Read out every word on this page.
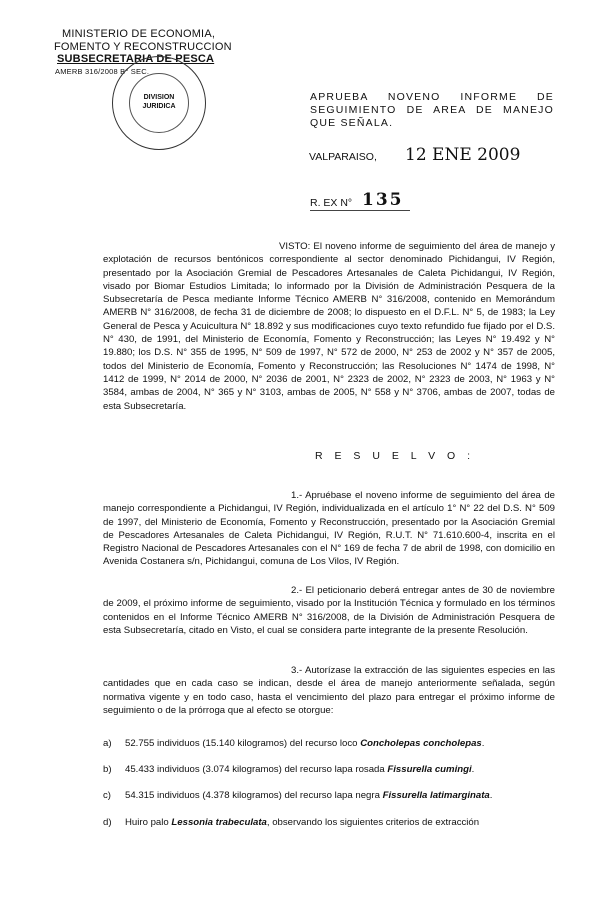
MINISTERIO DE ECONOMIA,
FOMENTO Y RECONSTRUCCION
SUBSECRETARIA DE PESCA
AMERB 316/2008 B° SEC.
DIVISION JURIDICA
APRUEBA NOVENO INFORME DE SEGUIMIENTO DE AREA DE MANEJO QUE SEÑALA.
VALPARAISO, 12 ENE 2009
R. EX N° 135
VISTO: El noveno informe de seguimiento del área de manejo y explotación de recursos bentónicos correspondiente al sector denominado Pichidangui, IV Región, presentado por la Asociación Gremial de Pescadores Artesanales de Caleta Pichidangui, IV Región, visado por Biomar Estudios Limitada; lo informado por la División de Administración Pesquera de la Subsecretaría de Pesca mediante Informe Técnico AMERB N° 316/2008, contenido en Memorándum AMERB N° 316/2008, de fecha 31 de diciembre de 2008; lo dispuesto en el D.F.L. N° 5, de 1983; la Ley General de Pesca y Acuicultura N° 18.892 y sus modificaciones cuyo texto refundido fue fijado por el D.S. N° 430, de 1991, del Ministerio de Economía, Fomento y Reconstrucción; las Leyes N° 19.492 y N° 19.880; los D.S. N° 355 de 1995, N° 509 de 1997, N° 572 de 2000, N° 253 de 2002 y N° 357 de 2005, todos del Ministerio de Economía, Fomento y Reconstrucción; las Resoluciones N° 1474 de 1998, N° 1412 de 1999, N° 2014 de 2000, N° 2036 de 2001, N° 2323 de 2002, N° 2323 de 2003, N° 1963 y N° 3584, ambas de 2004, N° 365 y N° 3103, ambas de 2005, N° 558 y N° 3706, ambas de 2007, todas de esta Subsecretaría.
R E S U E L V O :
1.- Apruébase el noveno informe de seguimiento del área de manejo correspondiente a Pichidangui, IV Región, individualizada en el artículo 1° N° 22 del D.S. N° 509 de 1997, del Ministerio de Economía, Fomento y Reconstrucción, presentado por la Asociación Gremial de Pescadores Artesanales de Caleta Pichidangui, IV Región, R.U.T. N° 71.610.600-4, inscrita en el Registro Nacional de Pescadores Artesanales con el N° 169 de fecha 7 de abril de 1998, con domicilio en Avenida Costanera s/n, Pichidangui, comuna de Los Vilos, IV Región.
2.- El peticionario deberá entregar antes de 30 de noviembre de 2009, el próximo informe de seguimiento, visado por la Institución Técnica y formulado en los términos contenidos en el Informe Técnico AMERB N° 316/2008, de la División de Administración Pesquera de esta Subsecretaría, citado en Visto, el cual se considera parte integrante de la presente Resolución.
3.- Autorízase la extracción de las siguientes especies en las cantidades que en cada caso se indican, desde el área de manejo anteriormente señalada, según normativa vigente y en todo caso, hasta el vencimiento del plazo para entregar el próximo informe de seguimiento o de la prórroga que al efecto se otorgue:
a) 52.755 individuos (15.140 kilogramos) del recurso loco Concholepas concholepas.
b) 45.433 individuos (3.074 kilogramos) del recurso lapa rosada Fissurella cumingi.
c) 54.315 individuos (4.378 kilogramos) del recurso lapa negra Fissurella latimarginata.
d) Huiro palo Lessonia trabeculata, observando los siguientes criterios de extracción
